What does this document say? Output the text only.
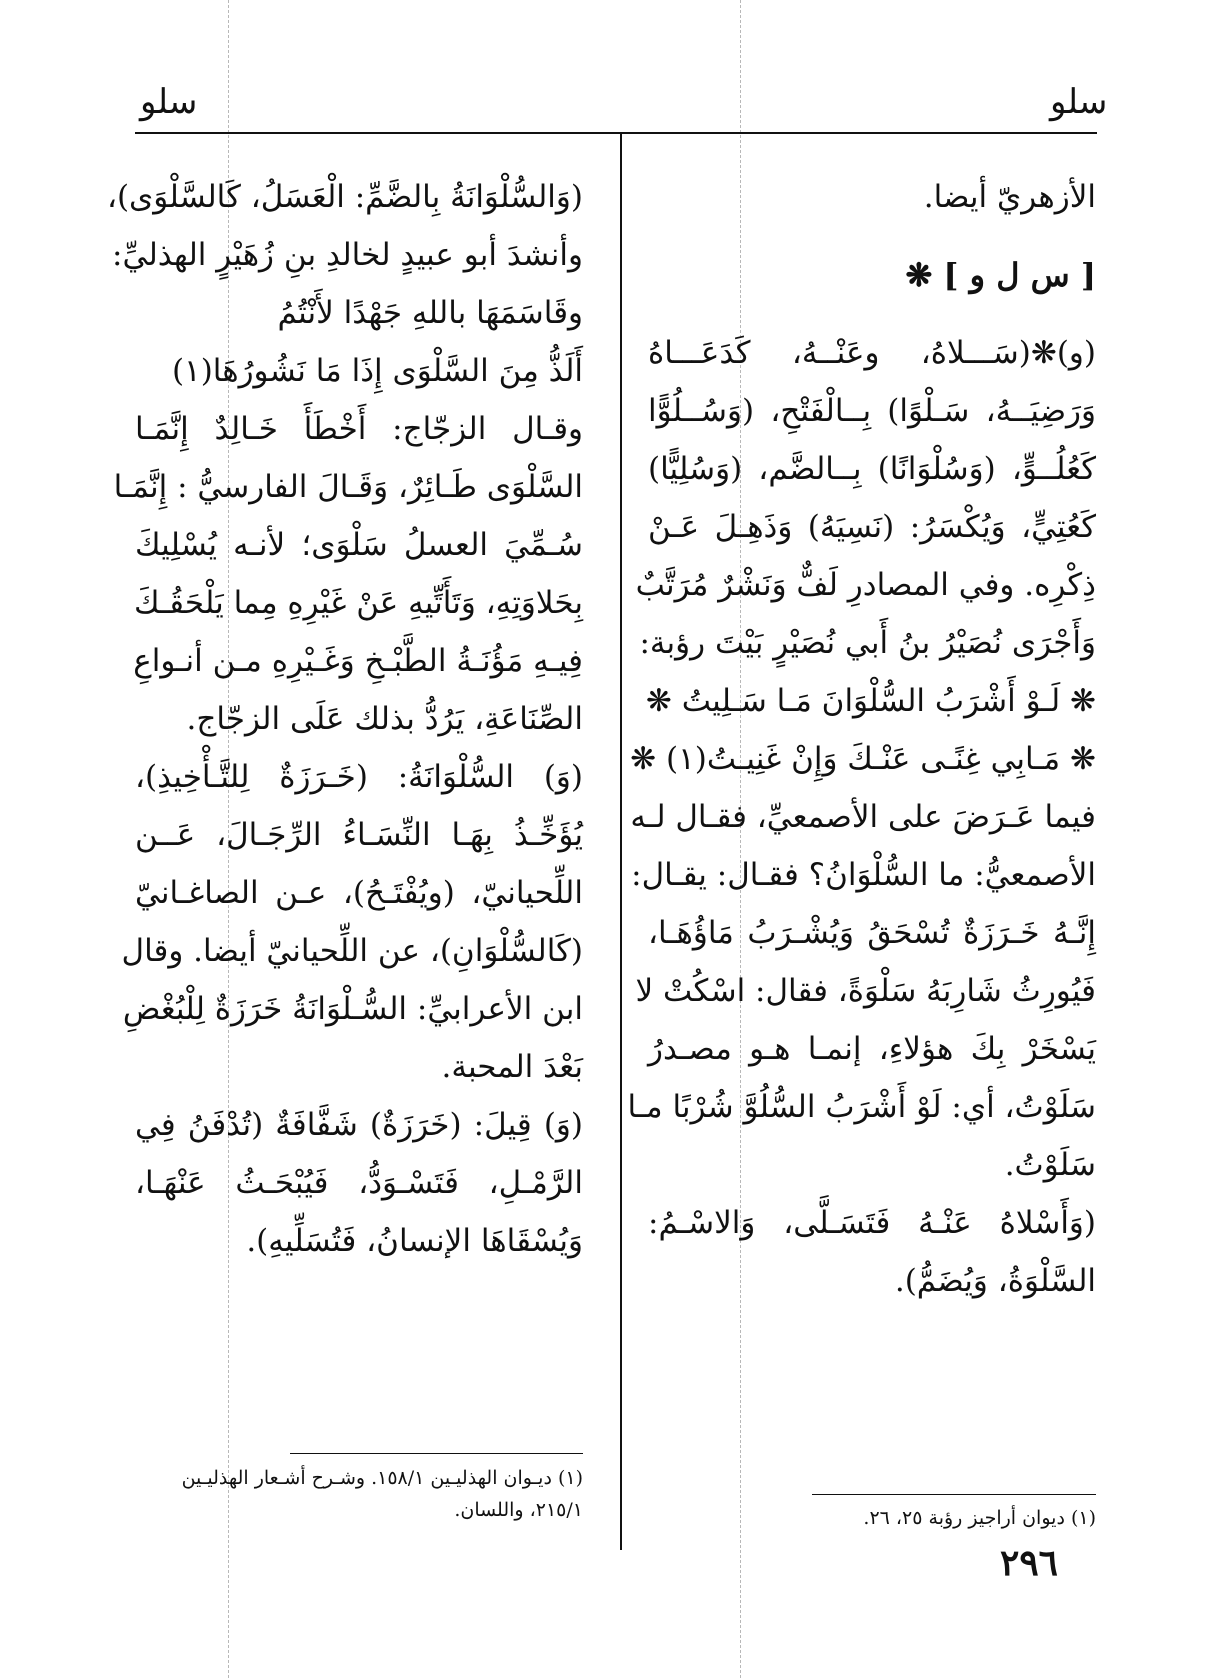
سلو	سلو
الأزهريّ أيضا.
[ س ل و ] ❋
(و)❋(سَـــلاهُ، وعَنْــهُ، كَدَعَـــاهُ
وَرَضِيَــهُ، سَـلْوًا) بِــالْفَتْحِ، (وَسُــلُوًّا
كَعُلُــوٍّ، (وَسُلْوَانًا) بِــالضَّم، (وَسُلِيًّا)
كَعُتِيٍّ، وَيُكْسَرُ: (نَسِيَهُ) وَذَهِـلَ عَـنْ
ذِكْرِه. وفي المصادرِ لَفٌّ وَنَشْرٌ مُرَتَّبٌ
وَأَجْرَى نُصَيْرُ بنُ أَبي نُصَيْرٍ بَيْتَ رؤبة:
❋ لَـوْ أَشْرَبُ السُّلْوَانَ مَـا سَـلِيتُ ❋
❋ مَـابِي غِنًـى عَنْـكَ وَإِنْ غَنِيـتُ(١) ❋
فيما عَـرَضَ على الأصمعيِّ، فقـال لـه
الأصمعيُّ: ما السُّلْوَانُ؟ فقـال: يقـال:
إِنَّـهُ خَـرَزَةٌ تُسْحَقُ وَيُشْـرَبُ مَاؤُهَـا،
فَيُورِثُ شَارِبَهُ سَلْوَةً، فقال: اسْكُتْ لا
يَسْخَرْ بِكَ هؤلاءِ، إنمـا هـو مصـدرُ
سَلَوْتُ، أي: لَوْ أَشْرَبُ السُّلُوَّ شُرْبًا مـا
سَلَوْتُ.
(وَأَسْلاهُ عَنْـهُ فَتَسَـلَّى، وَالاسْـمُ:
السَّلْوَةُ، وَيُضَمُّ).
(١) ديوان أراجيز رؤبة ٢٥، ٢٦.
(وَالسُّلْوَانَةُ بِالضَّمِّ: الْعَسَلُ، كَالسَّلْوَى)،
وأنشدَ أبو عبيدٍ لخالدِ بنِ زُهَيْرٍ الهذليِّ:
وقَاسَمَهَا باللهِ جَهْدًا لأَنْتُمُ
أَلَذُّ مِنَ السَّلْوَى إِذَا مَا نَشُورُهَا(١)
وقـال الزجّاج: أَخْطَأَ خَـالِدٌ إِنَّمَـا
السَّلْوَى طَـائِرٌ، وَقَـالَ الفارسيُّ : إِنَّمَـا
سُـمِّيَ العسلُ سَلْوَى؛ لأنـه يُسْلِيكَ
بِحَلاوَتِهِ، وَتَأَتِّيهِ عَنْ غَيْرِهِ مِما يَلْحَقُـكَ
فِيـهِ مَؤُنَـةُ الطَّبْـخِ وَغَـيْرِهِ مـن أنـواعِ
الصِّنَاعَةِ، يَرُدُّ بذلك عَلَى الزجّاج.
(وَ) السُّلْوَانَةُ: (خَـرَزَةٌ لِلتَّـأْخِيذِ)،
يُؤَخِّـذُ بِهَـا النِّسَـاءُ الرِّجَـالَ، عَــن
اللِّحيانيّ، (ويُفْتَـحُ)، عـن الصاغـانيّ
(كَالسُّلْوَانِ)، عن اللِّحيانيّ أيضا. وقال
ابن الأعرابيِّ: السُّـلْوَانَةُ خَرَزَةٌ لِلْبُغْضِ
بَعْدَ المحبة.
(وَ) قِيلَ: (خَرَزَةٌ) شَفَّافَةٌ (تُدْفَنُ فِي
الرَّمْـلِ، فَتَسْـوَدُّ، فَيُبْحَـثُ عَنْهَـا،
وَيُسْقَاهَا الإنسانُ، فَتُسَلِّيهِ).
(١) ديـوان الهذليـين ١٥٨/١. وشـرح أشـعار الهذليـين
٢١٥/١، واللسان.
٢٩٦
